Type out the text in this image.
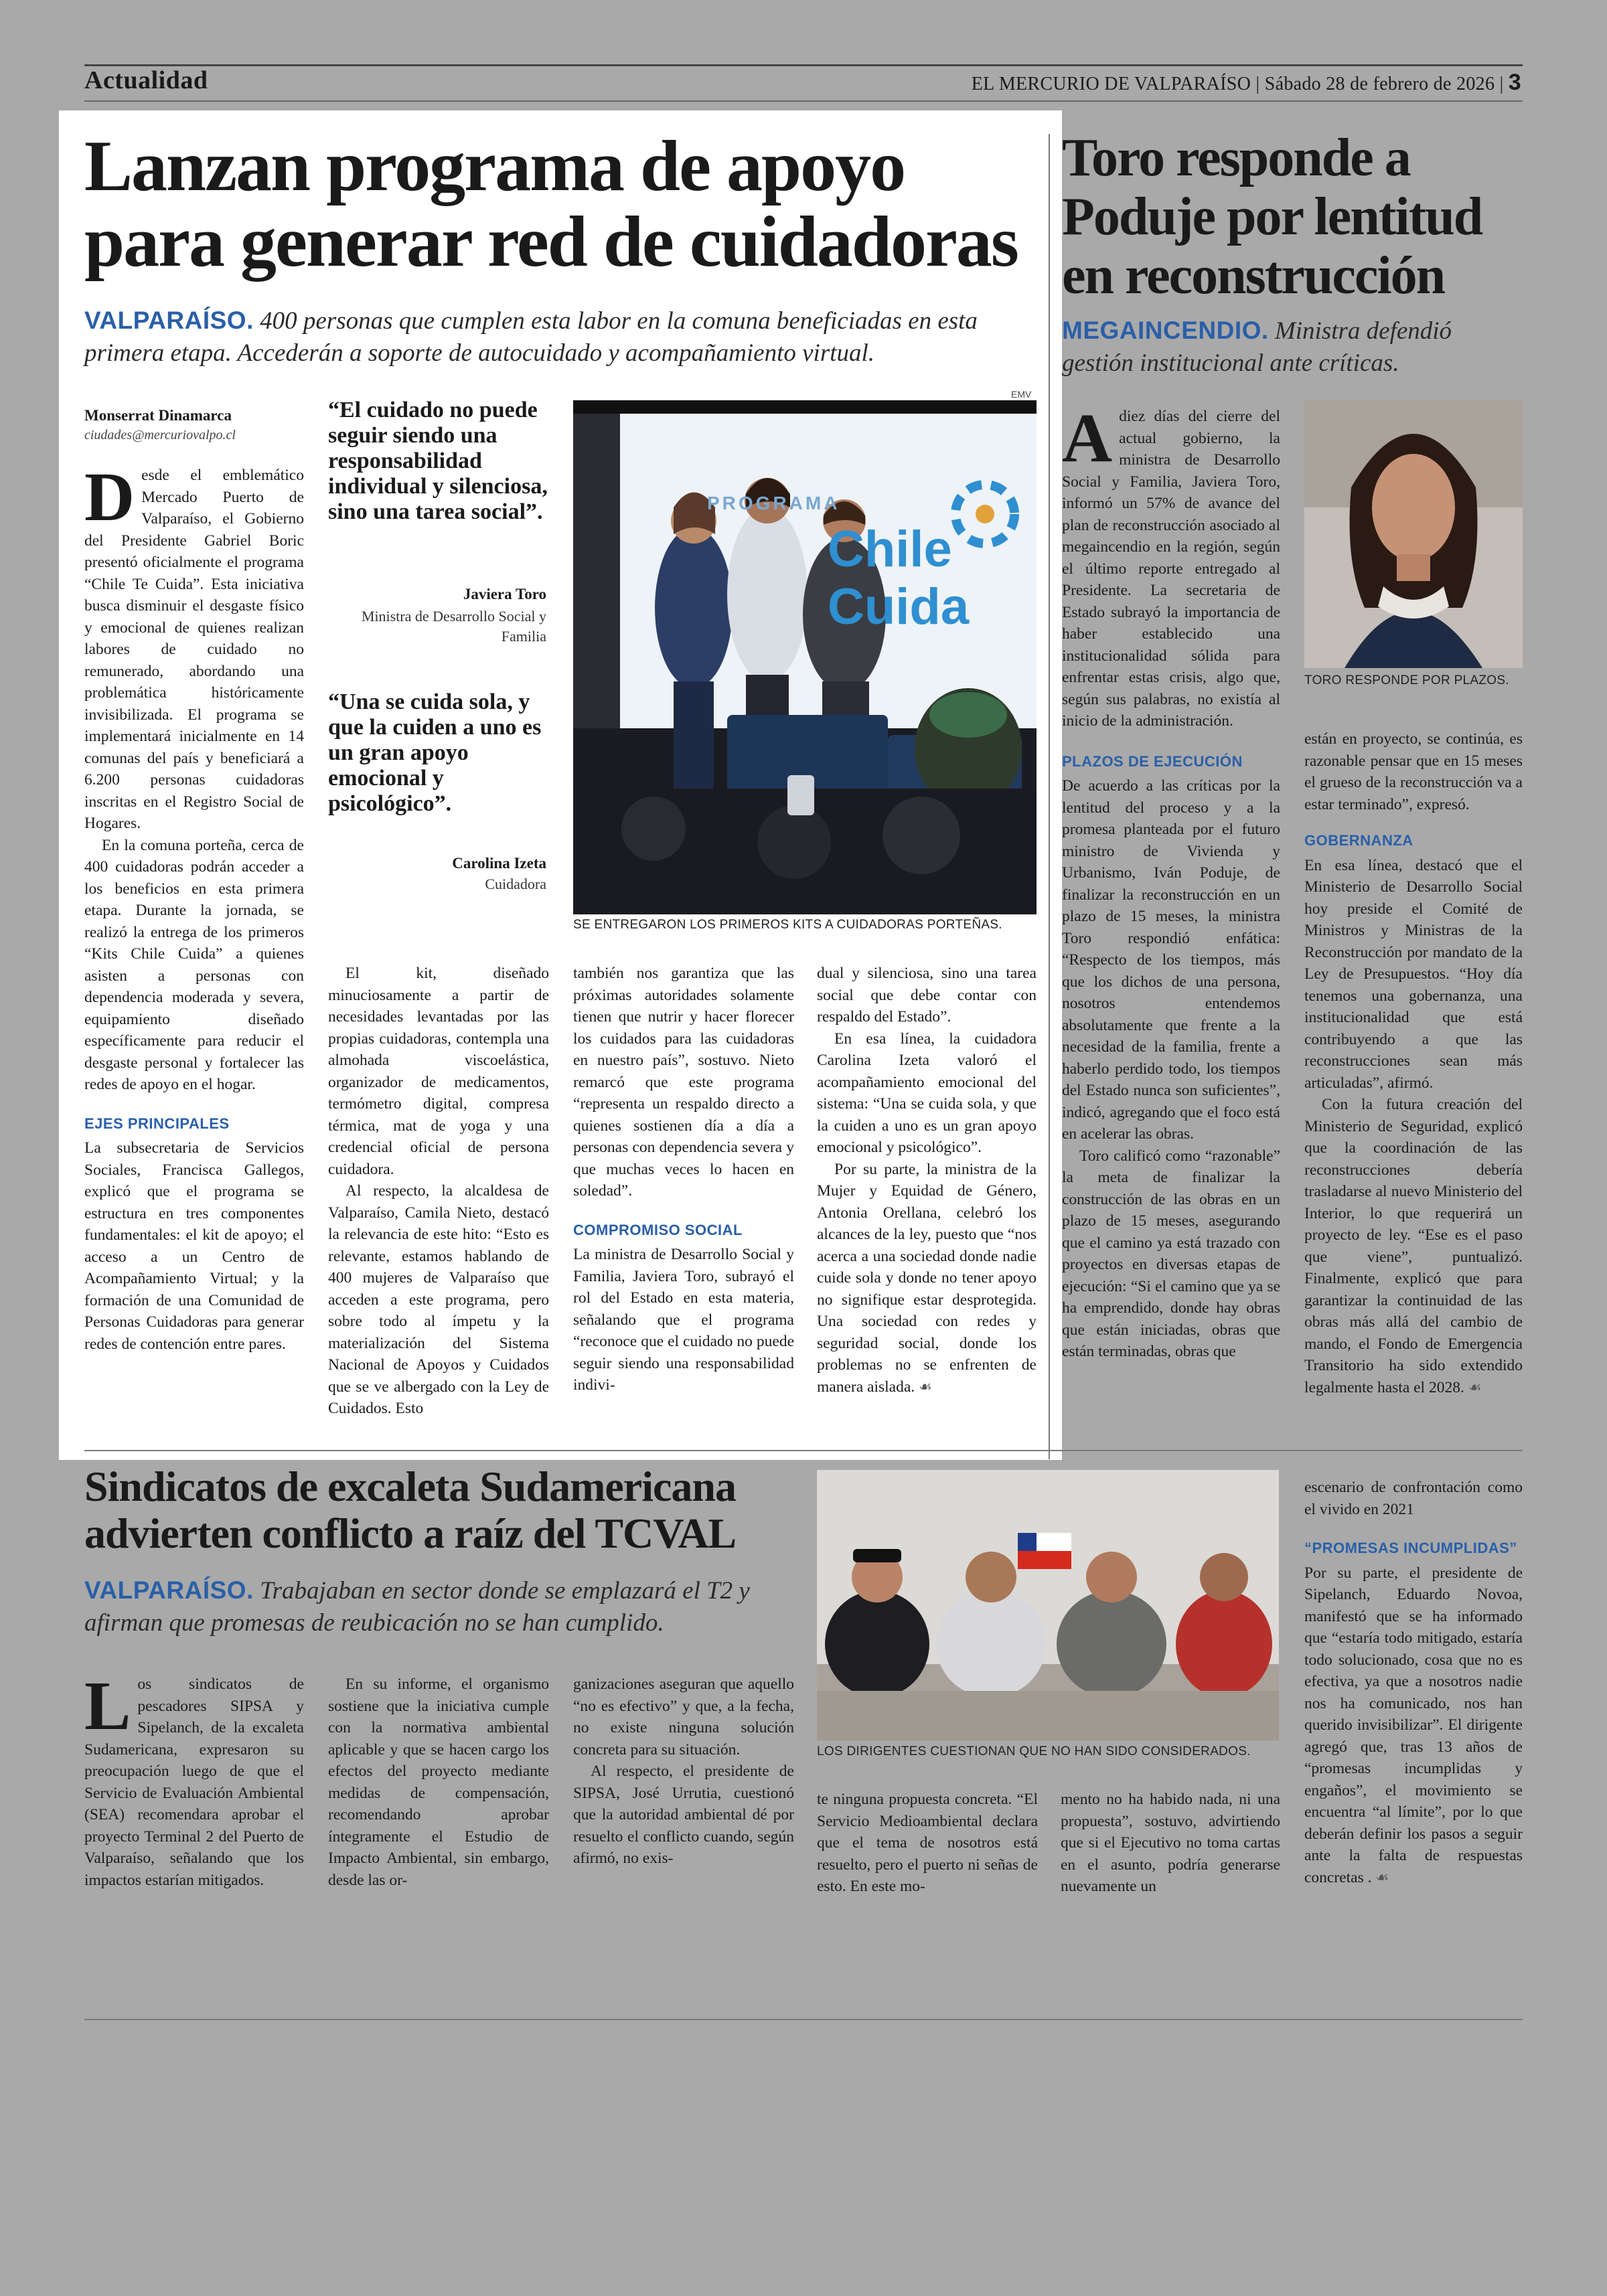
Actualidad	EL MERCURIO DE VALPARAÍSO | Sábado 28 de febrero de 2026 | 3
Lanzan programa de apoyo
para generar red de cuidadoras

VALPARAÍSO. 400 personas que cumplen esta labor en la comuna beneficiadas en esta primera etapa. Accederán a soporte de autocuidado y acompañamiento virtual.

Monserrat Dinamarca
ciudades@mercuriovalpo.cl

Desde el emblemático Mercado Puerto de Valparaíso, el Gobierno del Presidente Gabriel Boric presentó oficialmente el programa “Chile Te Cuida”. Esta iniciativa busca disminuir el desgaste físico y emocional de quienes realizan labores de cuidado no remunerado, abordando una problemática históricamente invisibilizada. El programa se implementará inicialmente en 14 comunas del país y beneficiará a 6.200 personas cuidadoras inscritas en el Registro Social de Hogares.

En la comuna porteña, cerca de 400 cuidadoras podrán acceder a los beneficios en esta primera etapa. Durante la jornada, se realizó la entrega de los primeros “Kits Chile Cuida” a quienes asisten a personas con dependencia moderada y severa, equipamiento diseñado específicamente para reducir el desgaste personal y fortalecer las redes de apoyo en el hogar.

EJES PRINCIPALES

La subsecretaria de Servicios Sociales, Francisca Gallegos, explicó que el programa se estructura en tres componentes fundamentales: el kit de apoyo; el acceso a un Centro de Acompañamiento Virtual; y la formación de una Comunidad de Personas Cuidadoras para generar redes de contención entre pares.

“El cuidado no puede seguir siendo una responsabilidad individual y silenciosa, sino una tarea social”.
Javiera Toro
Ministra de Desarrollo Social y Familia
“Una se cuida sola, y que la cuiden a uno es un gran apoyo emocional y psicológico”.
Carolina Izeta
Cuidadora
EMV
PROGRAMA
Chile Cuida
SE ENTREGARON LOS PRIMEROS KITS A CUIDADORAS PORTEÑAS.

El kit, diseñado minuciosamente a partir de necesidades levantadas por las propias cuidadoras, contempla una almohada viscoelástica, organizador de medicamentos, termómetro digital, compresa térmica, mat de yoga y una credencial oficial de persona cuidadora.

Al respecto, la alcaldesa de Valparaíso, Camila Nieto, destacó la relevancia de este hito: “Esto es relevante, estamos hablando de 400 mujeres de Valparaíso que acceden a este programa, pero sobre todo al ímpetu y la materialización del Sistema Nacional de Apoyos y Cuidados que se ve albergado con la Ley de Cuidados. Esto

también nos garantiza que las próximas autoridades solamente tienen que nutrir y hacer florecer los cuidados para las cuidadoras en nuestro país”, sostuvo. Nieto remarcó que este programa “representa un respaldo directo a quienes sostienen día a día a personas con dependencia severa y que muchas veces lo hacen en soledad”.

COMPROMISO SOCIAL

La ministra de Desarrollo Social y Familia, Javiera Toro, subrayó el rol del Estado en esta materia, señalando que el programa “reconoce que el cuidado no puede seguir siendo una responsabilidad indivi-

dual y silenciosa, sino una tarea social que debe contar con respaldo del Estado”.

En esa línea, la cuidadora Carolina Izeta valoró el acompañamiento emocional del sistema: “Una se cuida sola, y que la cuiden a uno es un gran apoyo emocional y psicológico”.

Por su parte, la ministra de la Mujer y Equidad de Género, Antonia Orellana, celebró los alcances de la ley, puesto que “nos acerca a una sociedad donde nadie cuide sola y donde no tener apoyo no signifique estar desprotegida. Una sociedad con redes y seguridad social, donde los problemas no se enfrenten de manera aislada. ☙

Toro responde a
Poduje por lentitud
en reconstrucción

MEGAINCENDIO. Ministra defendió gestión institucional ante críticas.

Adiez días del cierre del actual gobierno, la ministra de Desarrollo Social y Familia, Javiera Toro, informó un 57% de avance del plan de reconstrucción asociado al megaincendio en la región, según el último reporte entregado al Presidente. La secretaria de Estado subrayó la importancia de haber establecido una institucionalidad sólida para enfrentar estas crisis, algo que, según sus palabras, no existía al inicio de la administración.

PLAZOS DE EJECUCIÓN

De acuerdo a las críticas por la lentitud del proceso y a la promesa planteada por el futuro ministro de Vivienda y Urbanismo, Iván Poduje, de finalizar la reconstrucción en un plazo de 15 meses, la ministra Toro respondió enfática: “Respecto de los tiempos, más que los dichos de una persona, nosotros entendemos absolutamente que frente a la necesidad de la familia, frente a haberlo perdido todo, los tiempos del Estado nunca son suficientes”, indicó, agregando que el foco está en acelerar las obras.

Toro calificó como “razonable” la meta de finalizar la construcción de las obras en un plazo de 15 meses, asegurando que el camino ya está trazado con proyectos en diversas etapas de ejecución: “Si el camino que ya se ha emprendido, donde hay obras que están iniciadas, obras que están terminadas, obras que

TORO RESPONDE POR PLAZOS.

están en proyecto, se continúa, es razonable pensar que en 15 meses el grueso de la reconstrucción va a estar terminado”, expresó.

GOBERNANZA

En esa línea, destacó que el Ministerio de Desarrollo Social hoy preside el Comité de Ministros y Ministras de la Reconstrucción por mandato de la Ley de Presupuestos. “Hoy día tenemos una gobernanza, una institucionalidad que está contribuyendo a que las reconstrucciones sean más articuladas”, afirmó.

Con la futura creación del Ministerio de Seguridad, explicó que la coordinación de las reconstrucciones debería trasladarse al nuevo Ministerio del Interior, lo que requerirá un proyecto de ley. “Ese es el paso que viene”, puntualizó. Finalmente, explicó que para garantizar la continuidad de las obras más allá del cambio de mando, el Fondo de Emergencia Transitorio ha sido extendido legalmente hasta el 2028. ☙

Sindicatos de excaleta Sudamericana
advierten conflicto a raíz del TCVAL

VALPARAÍSO. Trabajaban en sector donde se emplazará el T2 y afirman que promesas de reubicación no se han cumplido.

LOS DIRIGENTES CUESTIONAN QUE NO HAN SIDO CONSIDERADOS.

Los sindicatos de pescadores SIPSA y Sipelanch, de la excaleta Sudamericana, expresaron su preocupación luego de que el Servicio de Evaluación Ambiental (SEA) recomendara aprobar el proyecto Terminal 2 del Puerto de Valparaíso, señalando que los impactos estarían mitigados.

En su informe, el organismo sostiene que la iniciativa cumple con la normativa ambiental aplicable y que se hacen cargo los efectos del proyecto mediante medidas de compensación, recomendando aprobar íntegramente el Estudio de Impacto Ambiental, sin embargo, desde las or-

ganizaciones aseguran que aquello “no es efectivo” y que, a la fecha, no existe ninguna solución concreta para su situación.

Al respecto, el presidente de SIPSA, José Urrutia, cuestionó que la autoridad ambiental dé por resuelto el conflicto cuando, según afirmó, no exis-

te ninguna propuesta concreta. “El Servicio Medioambiental declara que el tema de nosotros está resuelto, pero el puerto ni señas de esto. En este mo-

mento no ha habido nada, ni una propuesta”, sostuvo, advirtiendo que si el Ejecutivo no toma cartas en el asunto, podría generarse nuevamente un

escenario de confrontación como el vivido en 2021

“PROMESAS INCUMPLIDAS”

Por su parte, el presidente de Sipelanch, Eduardo Novoa, manifestó que se ha informado que “estaría todo mitigado, estaría todo solucionado, cosa que no es efectiva, ya que a nosotros nadie nos ha comunicado, nos han querido invisibilizar”. El dirigente agregó que, tras 13 años de “promesas incumplidas y engaños”, el movimiento se encuentra “al límite”, por lo que deberán definir los pasos a seguir ante la falta de respuestas concretas . ☙
